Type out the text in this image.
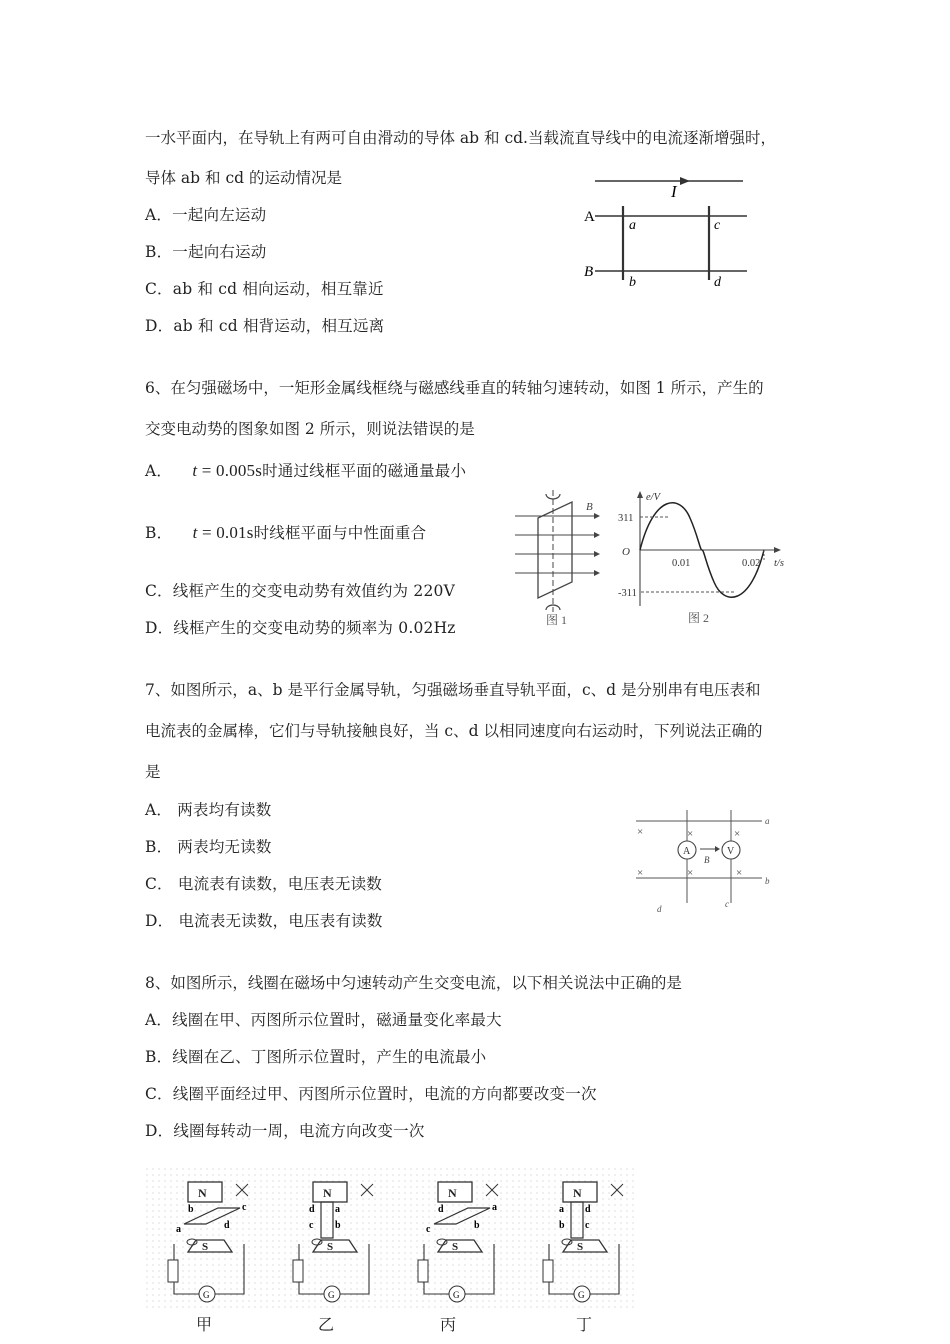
一水平面内，在导轨上有两可自由滑动的导体 ab 和 cd.当载流直导线中的电流逐渐增强时，
导体 ab 和 cd 的运动情况是
A．一起向左运动
B．一起向右运动
C．ab 和 cd 相向运动，相互靠近
D．ab 和 cd 相背运动，相互远离
I
A
B
a	c
b	d
6、在匀强磁场中，一矩形金属线框绕与磁感线垂直的转轴匀速转动，如图 1 所示，产生的
交变电动势的图象如图 2 所示，则说法错误的是
A． t = 0.005s时通过线框平面的磁通量最小
B． t = 0.01s时线框平面与中性面重合
C．线框产生的交变电动势有效值约为 220V
D．线框产生的交变电动势的频率为 0.02Hz
B
图 1
e/V
311
O
-311
0.01	0.02 t/s
图 2
7、如图所示，a、b 是平行金属导轨，匀强磁场垂直导轨平面，c、d 是分别串有电压表和
电流表的金属棒，它们与导轨接触良好，当 c、d 以相同速度向右运动时，下列说法正确的
是
A． 两表均有读数
B． 两表均无读数
C． 电流表有读数，电压表无读数
D． 电流表无读数，电压表有读数
a
b
A	V
B
×	×	×
×	×	×
d	c
8、如图所示，线圈在磁场中匀速转动产生交变电流，以下相关说法中正确的是
A．线圈在甲、丙图所示位置时，磁通量变化率最大
B．线圈在乙、丁图所示位置时，产生的电流最小
C．线圈平面经过甲、丙图所示位置时，电流的方向都要改变一次
D．线圈每转动一周，电流方向改变一次
N
S
a
b	c
d
G
N
S
d a
c b
G
N
S
c
d	a
b
G
N
S
a d
b c
G
甲	乙	丙	丁
